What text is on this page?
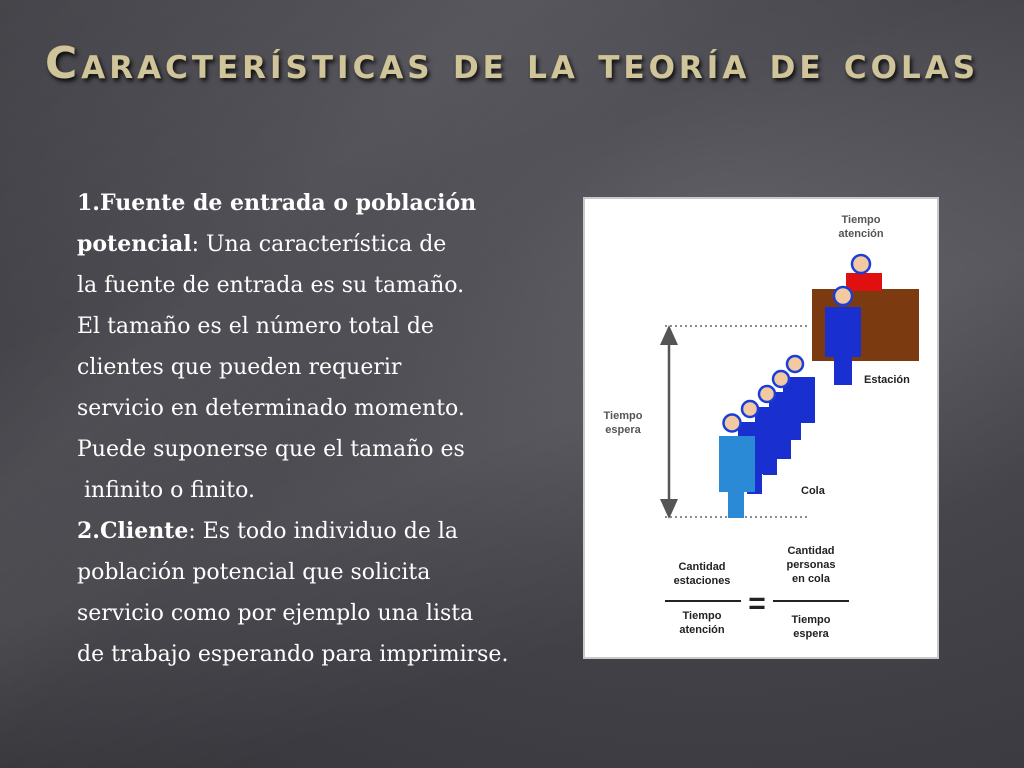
Características de la teoría de colas
1.Fuente de entrada o población
potencial: Una característica de
la fuente de entrada es su tamaño.
El tamaño es el número total de
clientes que pueden requerir
servicio en determinado momento.
Puede suponerse que el tamaño es
infinito o finito.
2.Cliente: Es todo individuo de la
población potencial que solicita
servicio como por ejemplo una lista
de trabajo esperando para imprimirse.
Tiempo
atención
Estación
Tiempo
espera
Cola
Cantidad
estaciones
Tiempo
atención
=
Cantidad
personas
en cola
Tiempo
espera
